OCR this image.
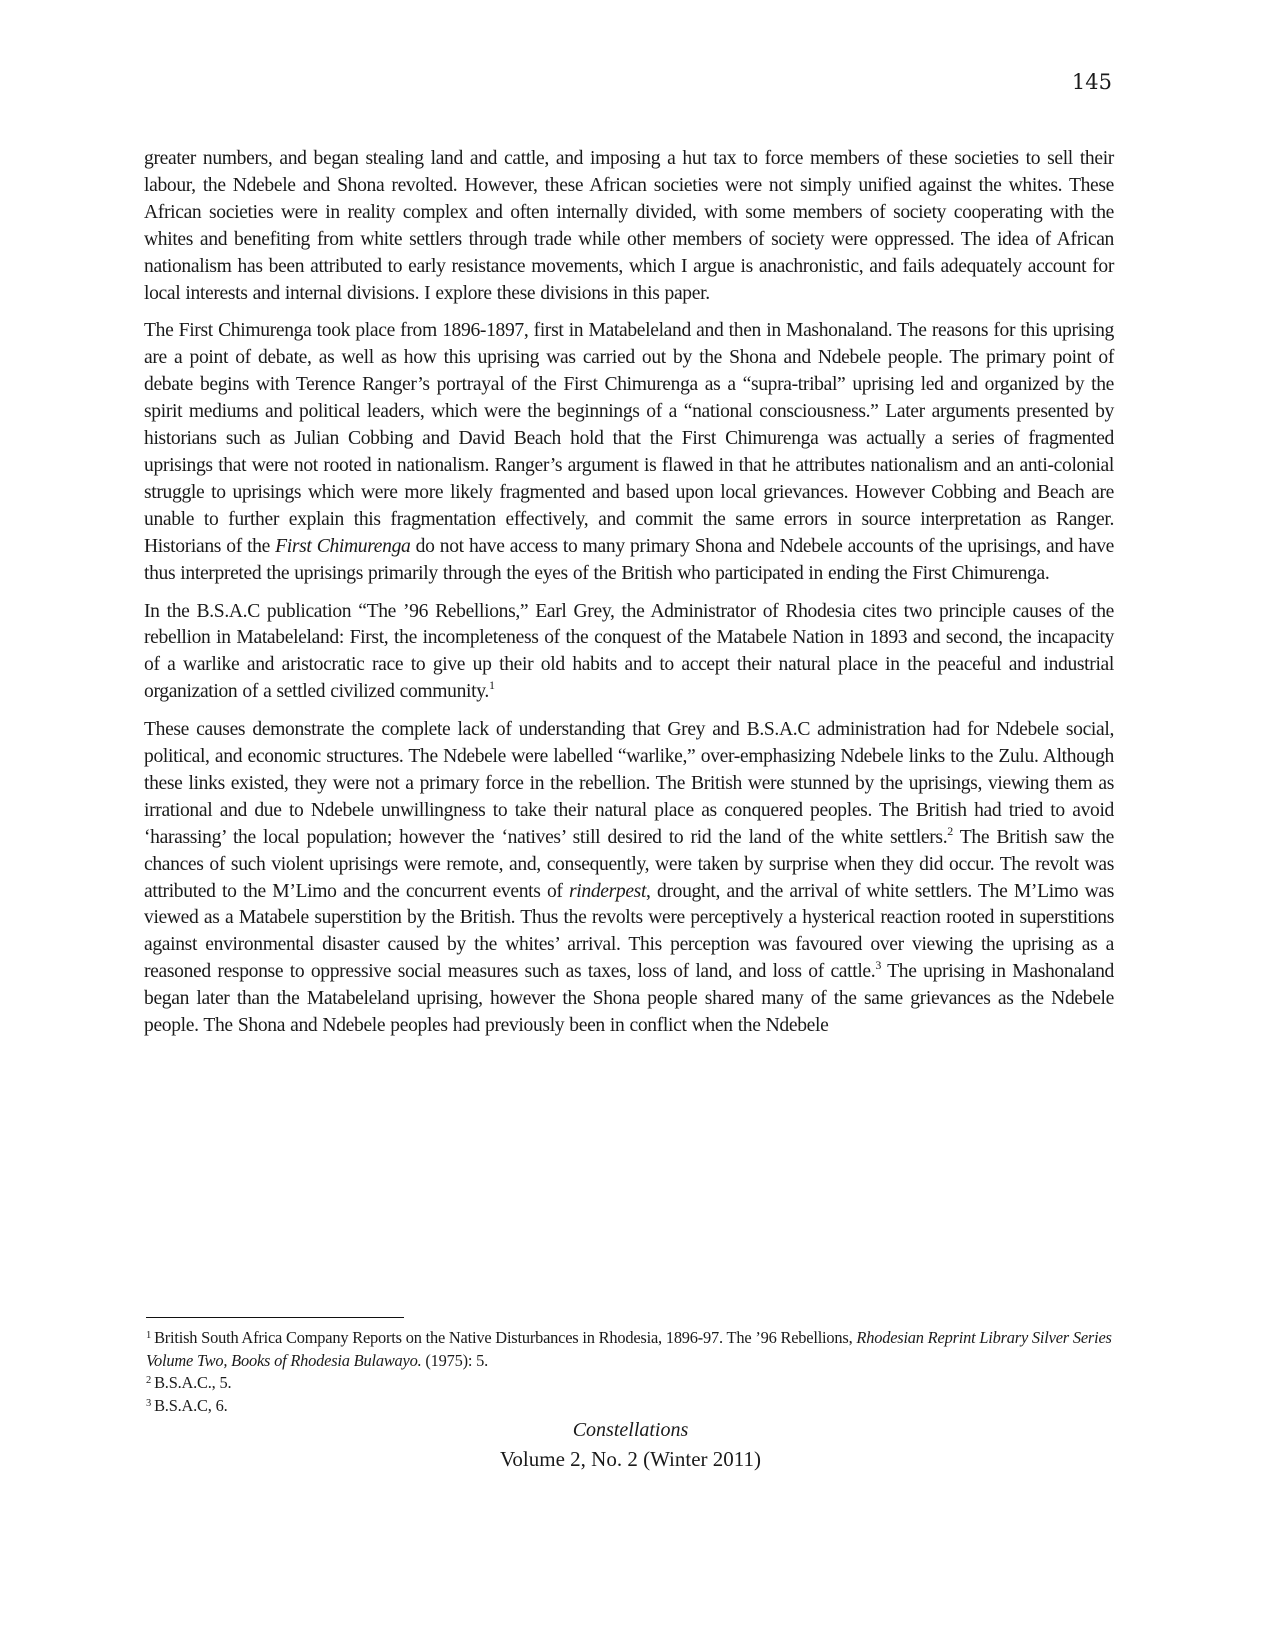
145

greater numbers, and began stealing land and cattle, and imposing a hut tax to force members of these societies to sell their labour, the Ndebele and Shona revolted. However, these African societies were not simply unified against the whites. These African societies were in reality complex and often internally divided, with some members of society cooperating with the whites and benefiting from white settlers through trade while other members of society were oppressed. The idea of African nationalism has been attributed to early resistance movements, which I argue is anachronistic, and fails adequately account for local interests and internal divisions. I explore these divisions in this paper.

The First Chimurenga took place from 1896-1897, first in Matabeleland and then in Mashonaland. The reasons for this uprising are a point of debate, as well as how this uprising was carried out by the Shona and Ndebele people. The primary point of debate begins with Terence Ranger’s portrayal of the First Chimurenga as a “supra-tribal” uprising led and organized by the spirit mediums and political leaders, which were the beginnings of a “national consciousness.” Later arguments presented by historians such as Julian Cobbing and David Beach hold that the First Chimurenga was actually a series of fragmented uprisings that were not rooted in nationalism. Ranger’s argument is flawed in that he attributes nationalism and an anti-colonial struggle to uprisings which were more likely fragmented and based upon local grievances. However Cobbing and Beach are unable to further explain this fragmentation effectively, and commit the same errors in source interpretation as Ranger. Historians of the First Chimurenga do not have access to many primary Shona and Ndebele accounts of the uprisings, and have thus interpreted the uprisings primarily through the eyes of the British who participated in ending the First Chimurenga.

In the B.S.A.C publication “The ’96 Rebellions,” Earl Grey, the Administrator of Rhodesia cites two principle causes of the rebellion in Matabeleland: First, the incompleteness of the conquest of the Matabele Nation in 1893 and second, the incapacity of a warlike and aristocratic race to give up their old habits and to accept their natural place in the peaceful and industrial organization of a settled civilized community.$^1$

These causes demonstrate the complete lack of understanding that Grey and B.S.A.C administration had for Ndebele social, political, and economic structures. The Ndebele were labelled “warlike,” over-emphasizing Ndebele links to the Zulu. Although these links existed, they were not a primary force in the rebellion. The British were stunned by the uprisings, viewing them as irrational and due to Ndebele unwillingness to take their natural place as conquered peoples. The British had tried to avoid ‘harassing’ the local population; however the ‘natives’ still desired to rid the land of the white settlers.$^2$ The British saw the chances of such violent uprisings were remote, and, consequently, were taken by surprise when they did occur. The revolt was attributed to the M’Limo and the concurrent events of rinderpest, drought, and the arrival of white settlers. The M’Limo was viewed as a Matabele superstition by the British. Thus the revolts were perceptively a hysterical reaction rooted in superstitions against environmental disaster caused by the whites’ arrival. This perception was favoured over viewing the uprising as a reasoned response to oppressive social measures such as taxes, loss of land, and loss of cattle.$^3$ The uprising in Mashonaland began later than the Matabeleland uprising, however the Shona people shared many of the same grievances as the Ndebele people. The Shona and Ndebele peoples had previously been in conflict when the Ndebele

$^1$ British South Africa Company Reports on the Native Disturbances in Rhodesia, 1896-97. The ’96 Rebellions, Rhodesian Reprint Library Silver Series Volume Two, Books of Rhodesia Bulawayo. (1975): 5.

$^2$ B.S.A.C., 5.

$^3$ B.S.A.C, 6.

Constellations
Volume 2, No. 2 (Winter 2011)
